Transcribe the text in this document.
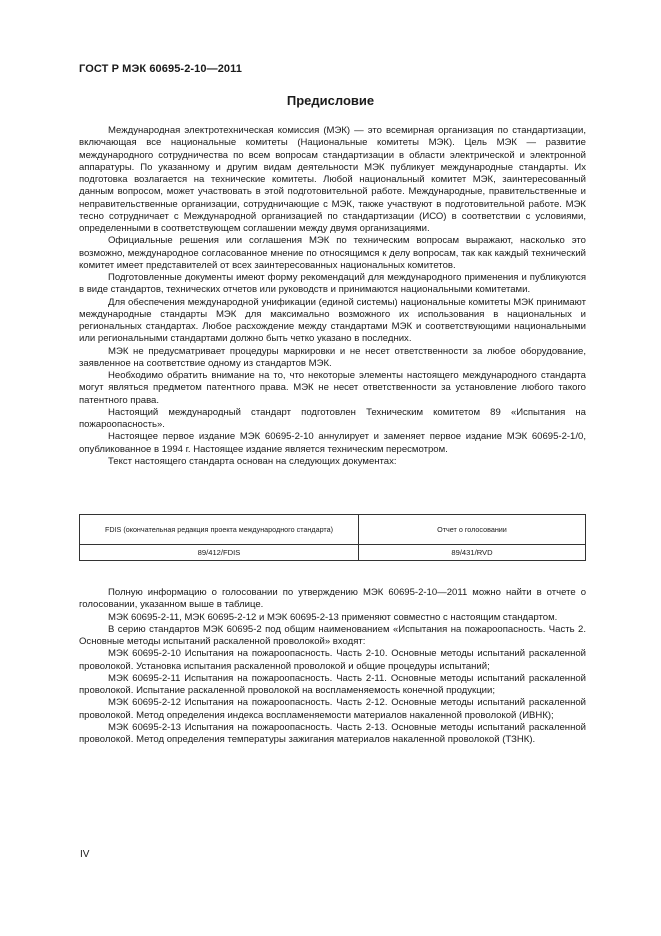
ГОСТ Р МЭК 60695-2-10—2011
Предисловие

Международная электротехническая комиссия (МЭК) — это всемирная организация по стандартизации, включающая все национальные комитеты (Национальные комитеты МЭК). Цель МЭК — развитие международного сотрудничества по всем вопросам стандартизации в области электрической и электронной аппаратуры. По указанному и другим видам деятельности МЭК публикует международные стандарты. Их подготовка возлагается на технические комитеты. Любой национальный комитет МЭК, заинтересованный данным вопросом, может участвовать в этой подготовительной работе. Международные, правительственные и неправительственные организации, сотрудничающие с МЭК, также участвуют в подготовительной работе. МЭК тесно сотрудничает с Международной организацией по стандартизации (ИСО) в соответствии с условиями, определенными в соответствующем соглашении между двумя организациями.

Официальные решения или соглашения МЭК по техническим вопросам выражают, насколько это возможно, международное согласованное мнение по относящимся к делу вопросам, так как каждый технический комитет имеет представителей от всех заинтересованных национальных комитетов.

Подготовленные документы имеют форму рекомендаций для международного применения и публикуются в виде стандартов, технических отчетов или руководств и принимаются национальными комитетами.

Для обеспечения международной унификации (единой системы) национальные комитеты МЭК принимают международные стандарты МЭК для максимально возможного их использования в национальных и региональных стандартах. Любое расхождение между стандартами МЭК и соответствующими национальными или региональными стандартами должно быть четко указано в последних.

МЭК не предусматривает процедуры маркировки и не несет ответственности за любое оборудование, заявленное на соответствие одному из стандартов МЭК.

Необходимо обратить внимание на то, что некоторые элементы настоящего международного стандарта могут являться предметом патентного права. МЭК не несет ответственности за установление любого такого патентного права.

Настоящий международный стандарт подготовлен Техническим комитетом 89 «Испытания на пожароопасность».

Настоящее первое издание МЭК 60695-2-10 аннулирует и заменяет первое издание МЭК 60695-2-1/0, опубликованное в 1994 г. Настоящее издание является техническим пересмотром.

Текст настоящего стандарта основан на следующих документах:

FDIS (окончательная редакция проекта международного стандарта)	Отчет о голосовании
89/412/FDIS	89/431/RVD

Полную информацию о голосовании по утверждению МЭК 60695-2-10—2011 можно найти в отчете о голосовании, указанном выше в таблице.

МЭК 60695-2-11, МЭК 60695-2-12 и МЭК 60695-2-13 применяют совместно с настоящим стандартом.

В серию стандартов МЭК 60695-2 под общим наименованием «Испытания на пожароопасность. Часть 2. Основные методы испытаний раскаленной проволокой» входят:

МЭК 60695-2-10 Испытания на пожароопасность. Часть 2-10. Основные методы испытаний раскаленной проволокой. Установка испытания раскаленной проволокой и общие процедуры испытаний;

МЭК 60695-2-11 Испытания на пожароопасность. Часть 2-11. Основные методы испытаний раскаленной проволокой. Испытание раскаленной проволокой на воспламеняемость конечной продукции;

МЭК 60695-2-12 Испытания на пожароопасность. Часть 2-12. Основные методы испытаний раскаленной проволокой. Метод определения индекса воспламеняемости материалов накаленной проволокой (ИВНК);

МЭК 60695-2-13 Испытания на пожароопасность. Часть 2-13. Основные методы испытаний раскаленной проволокой. Метод определения температуры зажигания материалов накаленной проволокой (ТЗНК).

IV
